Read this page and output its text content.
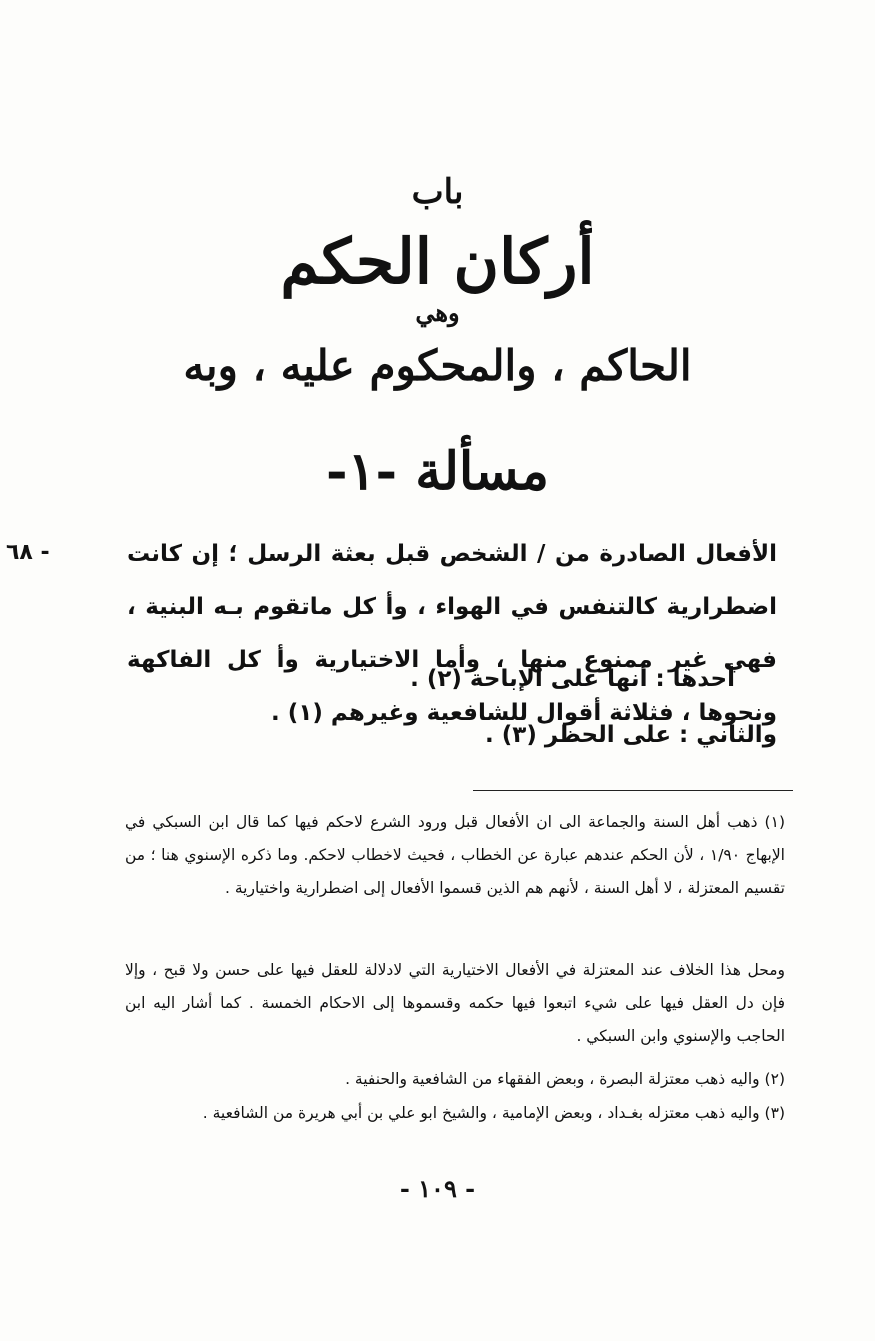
باب
أركان الحكم
وهي
الحاكم ، والمحكوم عليه ، وبه
مسألة -١-
٦٨ -	الأفعال الصادرة من / الشخص قبل بعثة الرسل ؛ إن كانت اضطرارية كالتنفس في الهواء ، وأ كل ماتقوم بـه البنية ، فهي غير ممنوع منها ، وأما الاختيارية وأ كل الفاكهة ونحوها ، فثلاثة أقوال للشافعية وغيرهم (١) .
أحدها : أنها على الإباحة (٢) .
والثاني : على الحظر (٣) .
(١) ذهب أهل السنة والجماعة الى ان الأفعال قبل ورود الشرع لاحكم فيها كما قال ابن السبكي في الإبهاج ١/٩٠ ، لأن الحكم عندهم عبارة عن الخطاب ، فحيث لاخطاب لاحكم. وما ذكره الإسنوي هنا ؛ من تقسيم المعتزلة ، لا أهل السنة ، لأنهم هم الذين قسموا الأفعال إلى اضطرارية واختيارية .
ومحل هذا الخلاف عند المعتزلة في الأفعال الاختيارية التي لادلالة للعقل فيها على حسن ولا قبح ، وإلا فإن دل العقل فيها على شيء اتبعوا فيها حكمه وقسموها إلى الاحكام الخمسة . كما أشار اليه ابن الحاجب والإسنوي وابن السبكي .
(٢) واليه ذهب معتزلة البصرة ، وبعض الفقهاء من الشافعية والحنفية .
(٣) واليه ذهب معتزله بغـداد ، وبعض الإمامية ، والشيخ ابو علي بن أبي هريرة من الشافعية .
- ١٠٩ -
